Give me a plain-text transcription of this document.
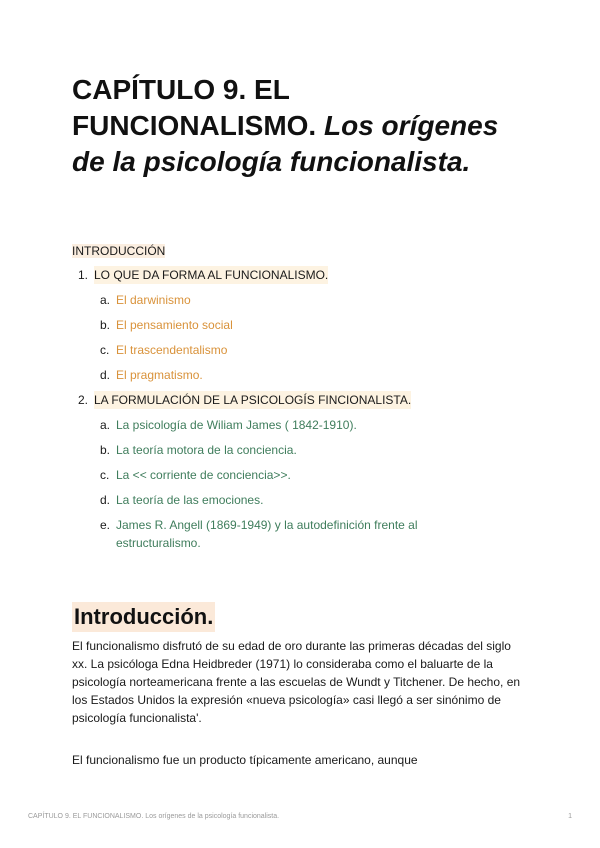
CAPÍTULO 9. EL FUNCIONALISMO. Los orígenes de la psicología funcionalista.
INTRODUCCIÓN
1. LO QUE DA FORMA AL FUNCIONALISMO.
a. El darwinismo
b. El pensamiento social
c. El trascendentalismo
d. El pragmatismo.
2. LA FORMULACIÓN DE LA PSICOLOGÍS FINCIONALISTA.
a. La psicología de Wiliam James ( 1842-1910).
b. La teoría motora de la conciencia.
c. La << corriente de conciencia>>.
d. La teoría de las emociones.
e. James R. Angell (1869-1949) y la autodefinición frente al estructuralismo.
Introducción.

El funcionalismo disfrutó de su edad de oro durante las primeras décadas del siglo xx. La psicóloga Edna Heidbreder (1971) lo consideraba como el baluarte de la psicología norteamericana frente a las escuelas de Wundt y Titchener. De hecho, en los Estados Unidos la expresión «nueva psicología» casi llegó a ser sinónimo de psicología funcionalista'.

El funcionalismo fue un producto típicamente americano, aunque

CAPÍTULO 9. EL FUNCIONALISMO. Los orígenes de la psicología funcionalista.	1
